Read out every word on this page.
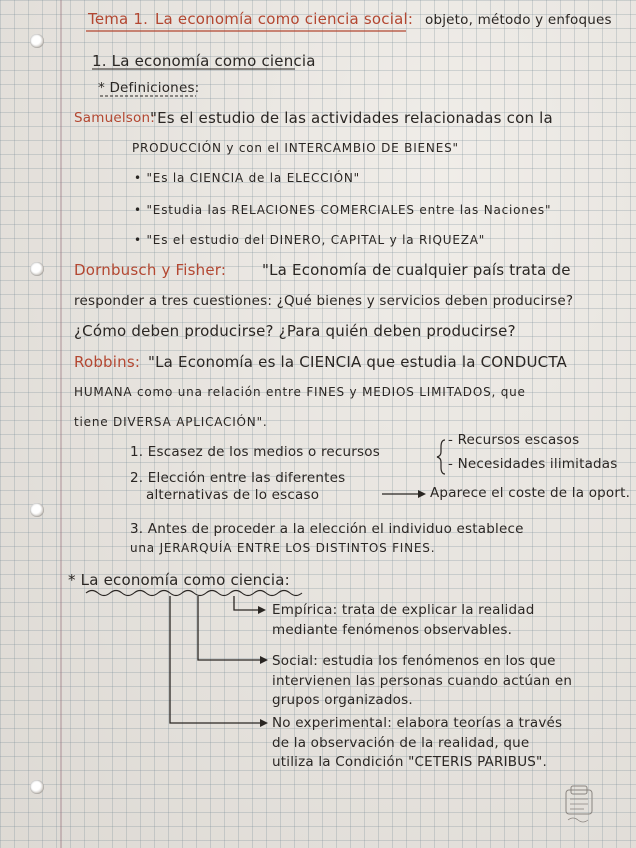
Tema 1. La economía como ciencia social: objeto, método y enfoques
1. La economía como ciencia
* Definiciones:
Samuelson:
"Es el estudio de las actividades relacionadas con la
PRODUCCIÓN y con el INTERCAMBIO DE BIENES"
• "Es la CIENCIA de la ELECCIÓN"
• "Estudia las RELACIONES COMERCIALES entre las Naciones"
• "Es el estudio del DINERO, CAPITAL y la RIQUEZA"
Dornbusch y Fisher: "La Economía de cualquier país trata de
responder a tres cuestiones: ¿Qué bienes y servicios deben producirse?
¿Cómo deben producirse? ¿Para quién deben producirse?
Robbins: "La Economía es la CIENCIA que estudia la CONDUCTA
HUMANA como una relación entre FINES y MEDIOS LIMITADOS, que
tiene DIVERSA APLICACIÓN".
1. Escasez de los medios o recursos
- Recursos escasos
- Necesidades ilimitadas
2. Elección entre las diferentes
alternativas de lo escaso	Aparece el coste de la oport.
3. Antes de proceder a la elección el individuo establece
una JERARQUÍA ENTRE LOS DISTINTOS FINES.
* La economía como ciencia:
Empírica: trata de explicar la realidad
mediante fenómenos observables.
Social: estudia los fenómenos en los que
intervienen las personas cuando actúan en
grupos organizados.
No experimental: elabora teorías a través
de la observación de la realidad, que
utiliza la Condición "CETERIS PARIBUS".
